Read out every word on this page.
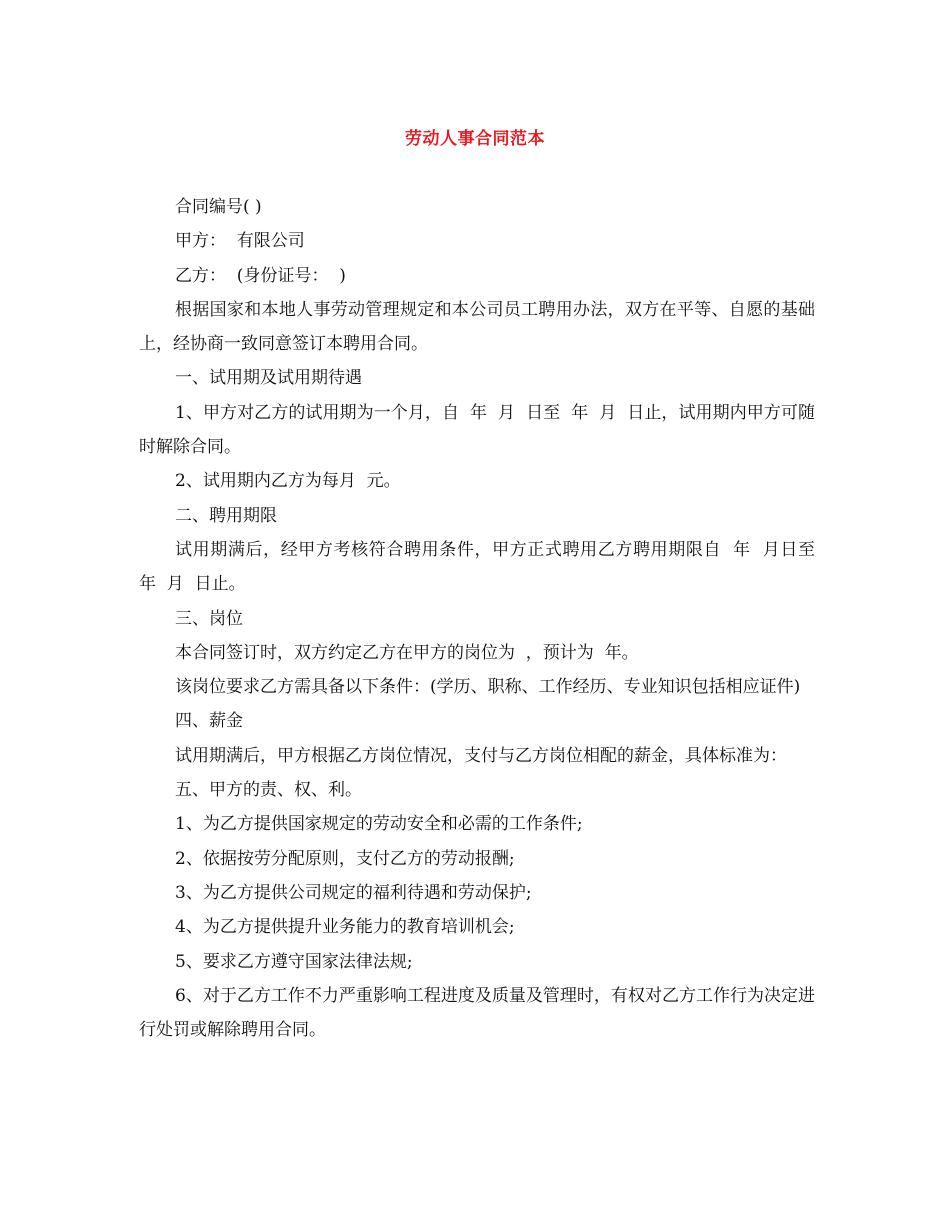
劳动人事合同范本

合同编号( )

甲方：  有限公司

乙方：  (身份证号：  )

根据国家和本地人事劳动管理规定和本公司员工聘用办法，双方在平等、自愿的基础上，经协商一致同意签订本聘用合同。

一、试用期及试用期待遇

1、甲方对乙方的试用期为一个月，自  年  月  日至  年  月  日止，试用期内甲方可随时解除合同。

2、试用期内乙方为每月  元。

二、聘用期限

试用期满后，经甲方考核符合聘用条件，甲方正式聘用乙方聘用期限自  年  月日至  年  月  日止。

三、岗位

本合同签订时，双方约定乙方在甲方的岗位为  ，预计为  年。

该岗位要求乙方需具备以下条件：(学历、职称、工作经历、专业知识包括相应证件)

四、薪金

试用期满后，甲方根据乙方岗位情况，支付与乙方岗位相配的薪金，具体标准为：

五、甲方的责、权、利。

1、为乙方提供国家规定的劳动安全和必需的工作条件;

2、依据按劳分配原则，支付乙方的劳动报酬;

3、为乙方提供公司规定的福利待遇和劳动保护;

4、为乙方提供提升业务能力的教育培训机会;

5、要求乙方遵守国家法律法规;

6、对于乙方工作不力严重影响工程进度及质量及管理时，有权对乙方工作行为决定进行处罚或解除聘用合同。
